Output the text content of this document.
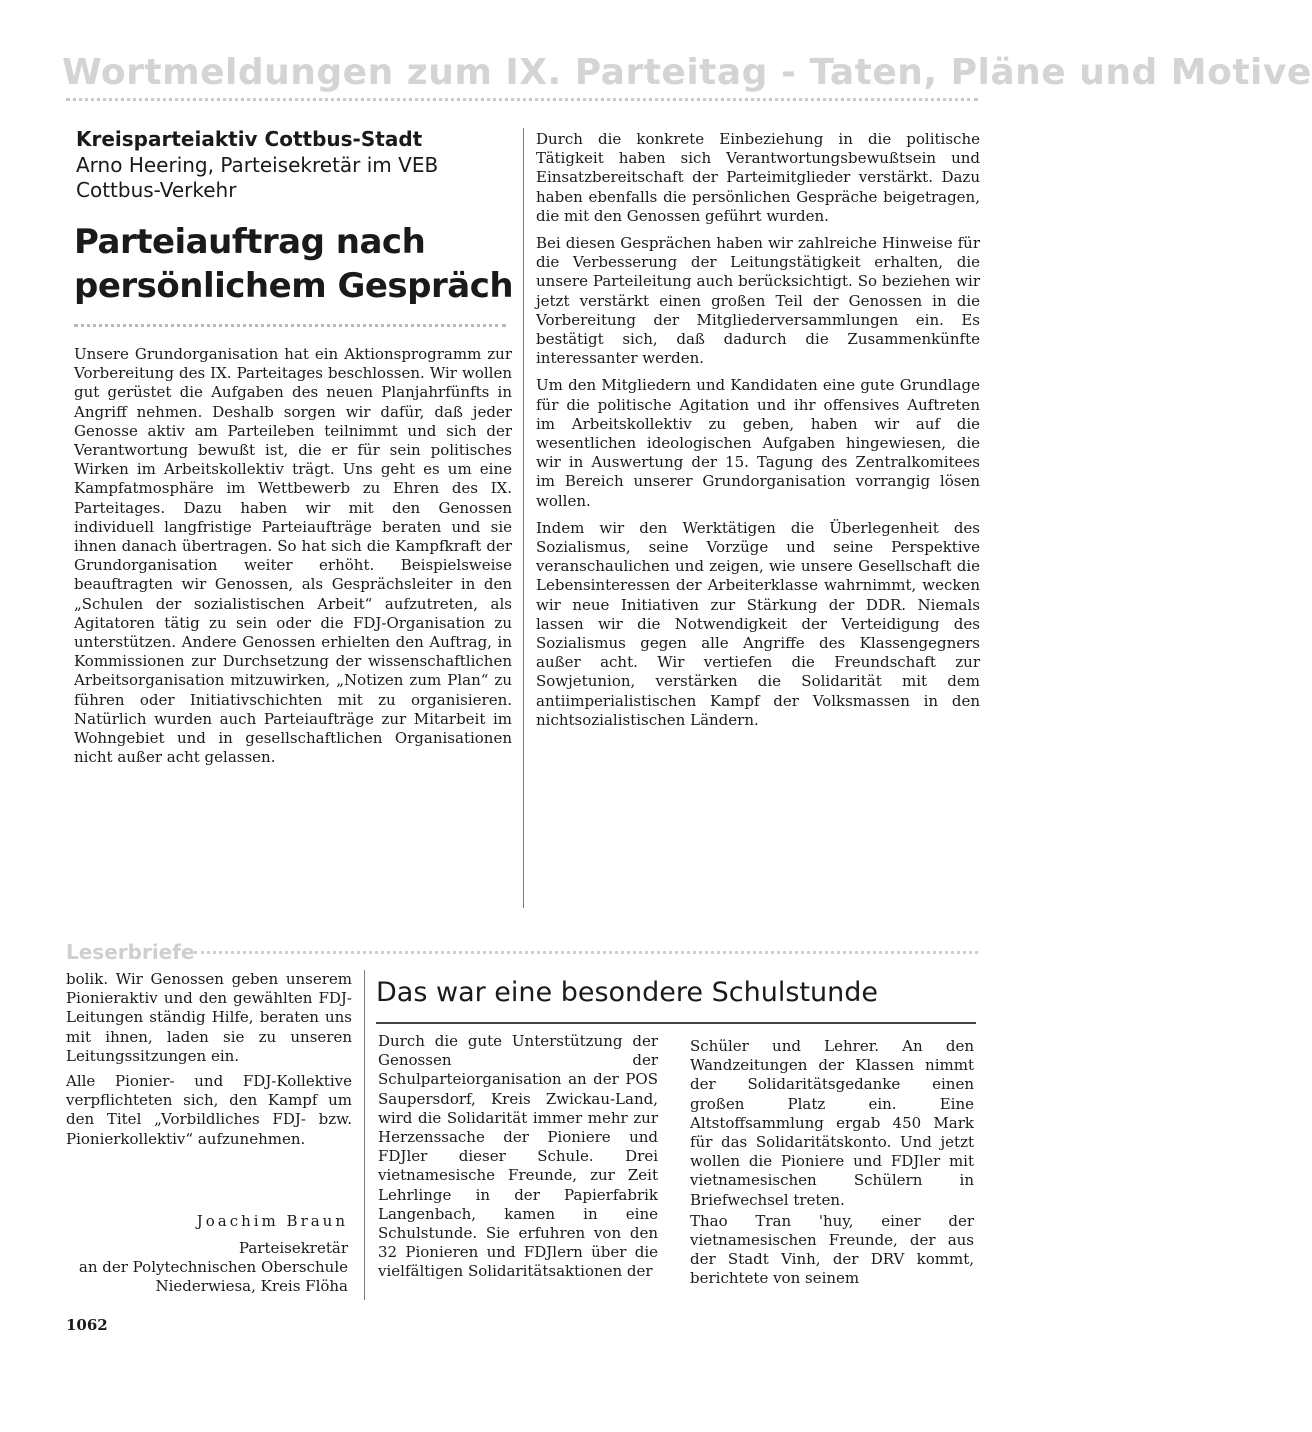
Wortmeldungen zum IX. Parteitag - Taten, Pläne und Motive
Kreisparteiaktiv Cottbus-Stadt
Arno Heering, Parteisekretär im VEB Cottbus-Verkehr
Parteiauftrag nach persönlichem Gespräch

Unsere Grundorganisation hat ein Aktionsprogramm zur Vorbereitung des IX. Parteitages beschlossen. Wir wollen gut gerüstet die Aufgaben des neuen Planjahrfünfts in Angriff nehmen. Deshalb sorgen wir dafür, daß jeder Genosse aktiv am Parteileben teilnimmt und sich der Verantwortung bewußt ist, die er für sein politisches Wirken im Arbeitskollektiv trägt. Uns geht es um eine Kampfatmosphäre im Wettbewerb zu Ehren des IX. Parteitages. Dazu haben wir mit den Genossen individuell langfristige Parteiaufträge beraten und sie ihnen danach übertragen. So hat sich die Kampfkraft der Grundorganisation weiter erhöht. Beispielsweise beauftragten wir Genossen, als Gesprächsleiter in den „Schulen der sozialistischen Arbeit“ aufzutreten, als Agitatoren tätig zu sein oder die FDJ-Organisation zu unterstützen. Andere Genossen erhielten den Auftrag, in Kommissionen zur Durchsetzung der wissenschaftlichen Arbeitsorganisation mitzuwirken, „Notizen zum Plan“ zu führen oder Initiativschichten mit zu organisieren. Natürlich wurden auch Parteiaufträge zur Mitarbeit im Wohngebiet und in gesellschaftlichen Organisationen nicht außer acht gelassen.

Durch die konkrete Einbeziehung in die politische Tätigkeit haben sich Verantwortungsbewußtsein und Einsatzbereitschaft der Parteimitglieder verstärkt. Dazu haben ebenfalls die persönlichen Gespräche beigetragen, die mit den Genossen geführt wurden.

Bei diesen Gesprächen haben wir zahlreiche Hinweise für die Verbesserung der Leitungstätigkeit erhalten, die unsere Parteileitung auch berücksichtigt. So beziehen wir jetzt verstärkt einen großen Teil der Genossen in die Vorbereitung der Mitgliederversammlungen ein. Es bestätigt sich, daß dadurch die Zusammenkünfte interessanter werden.

Um den Mitgliedern und Kandidaten eine gute Grundlage für die politische Agitation und ihr offensives Auftreten im Arbeitskollektiv zu geben, haben wir auf die wesentlichen ideologischen Aufgaben hingewiesen, die wir in Auswertung der 15. Tagung des Zentralkomitees im Bereich unserer Grundorganisation vorrangig lösen wollen.

Indem wir den Werktätigen die Überlegenheit des Sozialismus, seine Vorzüge und seine Perspektive veranschaulichen und zeigen, wie unsere Gesellschaft die Lebensinteressen der Arbeiterklasse wahrnimmt, wecken wir neue Initiativen zur Stärkung der DDR. Niemals lassen wir die Notwendigkeit der Verteidigung des Sozialismus gegen alle Angriffe des Klassengegners außer acht. Wir vertiefen die Freundschaft zur Sowjetunion, verstärken die Solidarität mit dem antiimperialistischen Kampf der Volksmassen in den nichtsozialistischen Ländern.

Leserbriefe

bolik. Wir Genossen geben unserem Pionieraktiv und den gewählten FDJ-Leitungen ständig Hilfe, beraten uns mit ihnen, laden sie zu unseren Leitungssitzungen ein.

Alle Pionier- und FDJ-Kollektive verpflichteten sich, den Kampf um den Titel „Vorbildliches FDJ- bzw. Pionierkollektiv“ aufzunehmen.

Joachim Braun
Parteisekretär
an der Polytechnischen Oberschule
Niederwiesa, Kreis Flöha
Das war eine besondere Schulstunde

Durch die gute Unterstützung der Genossen der Schulparteiorganisation an der POS Saupersdorf, Kreis Zwickau-Land, wird die Solidarität immer mehr zur Herzenssache der Pioniere und FDJler dieser Schule. Drei vietnamesische Freunde, zur Zeit Lehrlinge in der Papierfabrik Langenbach, kamen in eine Schulstunde. Sie erfuhren von den 32 Pionieren und FDJlern über die vielfältigen Solidaritätsaktionen der

Schüler und Lehrer. An den Wandzeitungen der Klassen nimmt der Solidaritätsgedanke einen großen Platz ein. Eine Altstoffsammlung ergab 450 Mark für das Solidaritätskonto. Und jetzt wollen die Pioniere und FDJler mit vietnamesischen Schülern in Briefwechsel treten.

Thao Tran 'huy, einer der vietnamesischen Freunde, der aus der Stadt Vinh, der DRV kommt, berichtete von seinem

1062
